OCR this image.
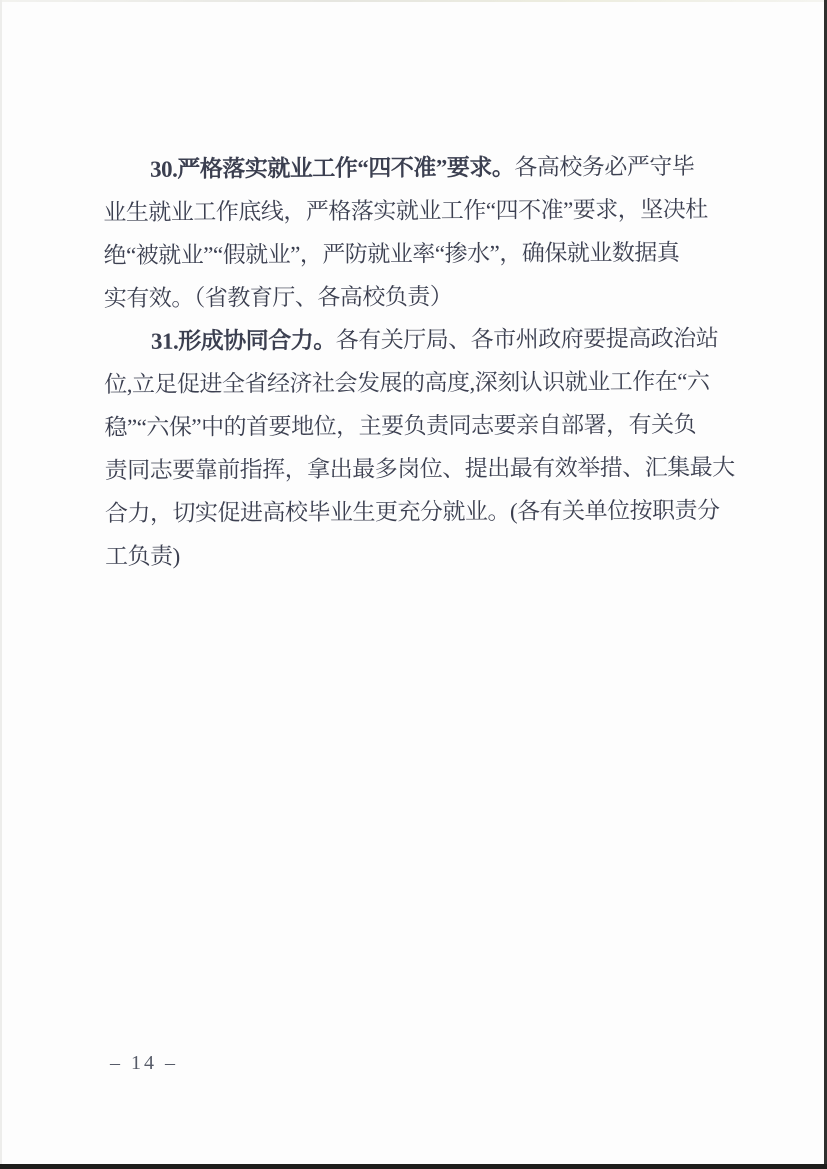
30.严格落实就业工作“四不准”要求。各高校务必严守毕
业生就业工作底线，严格落实就业工作“四不准”要求，坚决杜
绝“被就业”“假就业”，严防就业率“掺水”，确保就业数据真
实有效。（省教育厅、各高校负责）
31.形成协同合力。各有关厅局、各市州政府要提高政治站
位,立足促进全省经济社会发展的高度,深刻认识就业工作在“六
稳”“六保”中的首要地位，主要负责同志要亲自部署，有关负
责同志要靠前指挥，拿出最多岗位、提出最有效举措、汇集最大
合力，切实促进高校毕业生更充分就业。(各有关单位按职责分
工负责)
– 14 –
